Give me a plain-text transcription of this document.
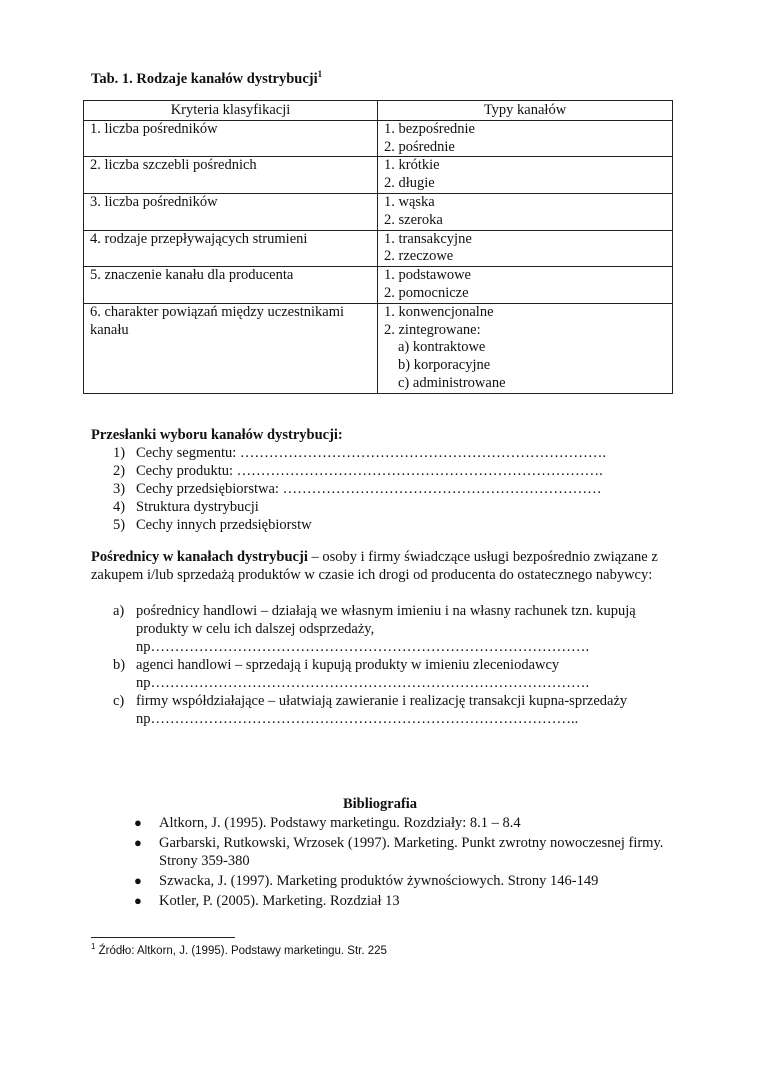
Tab. 1. Rodzaje kanałów dystrybucji$^1$
Kryteria klasyfikacji	Typy kanałów
1. liczba pośredników	1. bezpośrednie
2. pośrednie

2. liczba szczebli pośrednich	1. krótkie
2. długie

3. liczba pośredników	1. wąska
2. szeroka

4. rodzaje przepływających strumieni	1. transakcyjne
2. rzeczowe

5. znaczenie kanału dla producenta	1. podstawowe
2. pomocnicze

6. charakter powiązań między uczestnikami kanału	1. konwencjonalne
2. zintegrowane:
a) kontraktowe
b) korporacyjne
c) administrowane
Przesłanki wyboru kanałów dystrybucji:
1) Cechy segmentu: ………………………………………………………………….
2) Cechy produktu: ………………………………………………………………….
3) Cechy przedsiębiorstwa: …………………………………………………………
4) Struktura dystrybucji
5) Cechy innych przedsiębiorstw
Pośrednicy w kanałach dystrybucji – osoby i firmy świadczące usługi bezpośrednio związane z zakupem i/lub sprzedażą produktów w czasie ich drogi od producenta do ostatecznego nabywcy:
a) pośrednicy handlowi – działają we własnym imieniu i na własny rachunek tzn. kupują produkty w celu ich dalszej odsprzedaży,
np……………………………………………………………………………….
b) agenci handlowi – sprzedają i kupują produkty w imieniu zleceniodawcy
np……………………………………………………………………………….
c) firmy współdziałające – ułatwiają zawieranie i realizację transakcji kupna-sprzedaży
np……………………………………………………………………………..
Bibliografia
● Altkorn, J. (1995). Podstawy marketingu. Rozdziały: 8.1 – 8.4
● Garbarski, Rutkowski, Wrzosek (1997). Marketing. Punkt zwrotny nowoczesnej firmy. Strony 359-380
● Szwacka, J. (1997). Marketing produktów żywnościowych. Strony 146-149
● Kotler, P. (2005). Marketing. Rozdział 13
$^1$ Źródło: Altkorn, J. (1995). Podstawy marketingu. Str. 225
